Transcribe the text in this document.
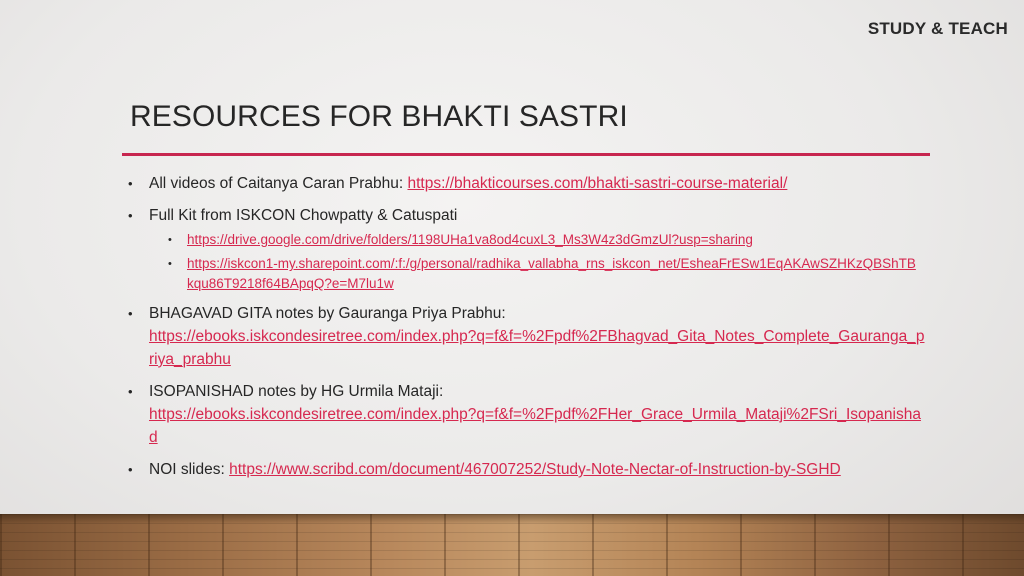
STUDY & TEACH
RESOURCES FOR BHAKTI SASTRI
• All videos of Caitanya Caran Prabhu: https://bhakticourses.com/bhakti-sastri-course-material/
• Full Kit from ISKCON Chowpatty & Catuspati
• https://drive.google.com/drive/folders/1198UHa1va8od4cuxL3_Ms3W4z3dGmzUl?usp=sharing
• https://iskcon1-my.sharepoint.com/:f:/g/personal/radhika_vallabha_rns_iskcon_net/EsheaFrESw1EqAKAwSZHKzQBShTBkqu86T9218f64BApqQ?e=M7lu1w
• BHAGAVAD GITA notes by Gauranga Priya Prabhu:
https://ebooks.iskcondesiretree.com/index.php?q=f&f=%2Fpdf%2FBhagvad_Gita_Notes_Complete_Gauranga_priya_prabhu
• ISOPANISHAD notes by HG Urmila Mataji:
https://ebooks.iskcondesiretree.com/index.php?q=f&f=%2Fpdf%2FHer_Grace_Urmila_Mataji%2FSri_Isopanishad
• NOI slides: https://www.scribd.com/document/467007252/Study-Note-Nectar-of-Instruction-by-SGHD
